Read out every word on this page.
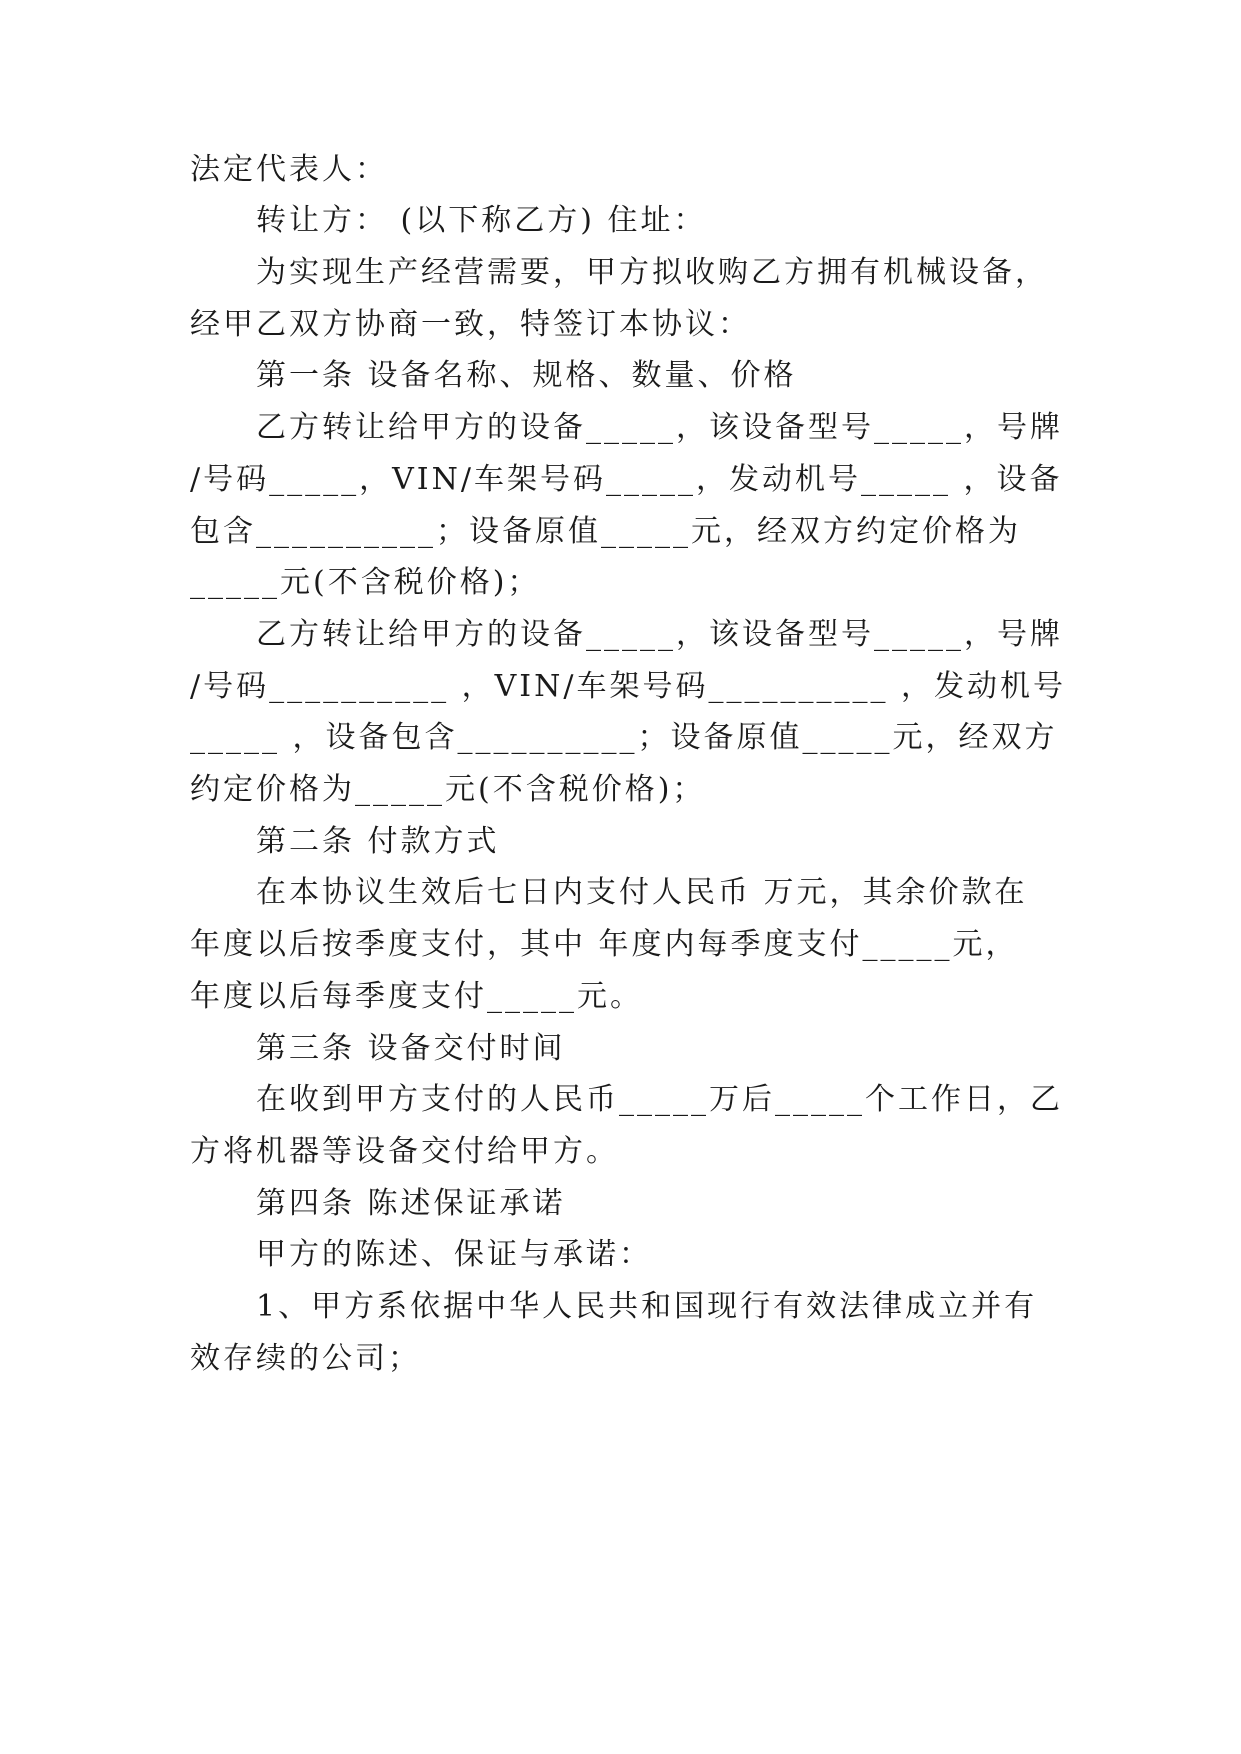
法定代表人：
转让方： (以下称乙方) 住址：
为实现生产经营需要，甲方拟收购乙方拥有机械设备，
经甲乙双方协商一致，特签订本协议：
第一条 设备名称、规格、数量、价格
乙方转让给甲方的设备_____，该设备型号_____，号牌
/号码_____，VIN/车架号码_____，发动机号_____ ，设备
包含__________；设备原值_____元，经双方约定价格为
_____元(不含税价格)；
乙方转让给甲方的设备_____，该设备型号_____，号牌
/号码__________ ，VIN/车架号码__________ ，发动机号
_____ ，设备包含__________；设备原值_____元，经双方
约定价格为_____元(不含税价格)；
第二条 付款方式
在本协议生效后七日内支付人民币 万元，其余价款在
年度以后按季度支付，其中 年度内每季度支付_____元，
年度以后每季度支付_____元。
第三条 设备交付时间
在收到甲方支付的人民币_____万后_____个工作日，乙
方将机器等设备交付给甲方。
第四条 陈述保证承诺
甲方的陈述、保证与承诺：
1、甲方系依据中华人民共和国现行有效法律成立并有
效存续的公司；
